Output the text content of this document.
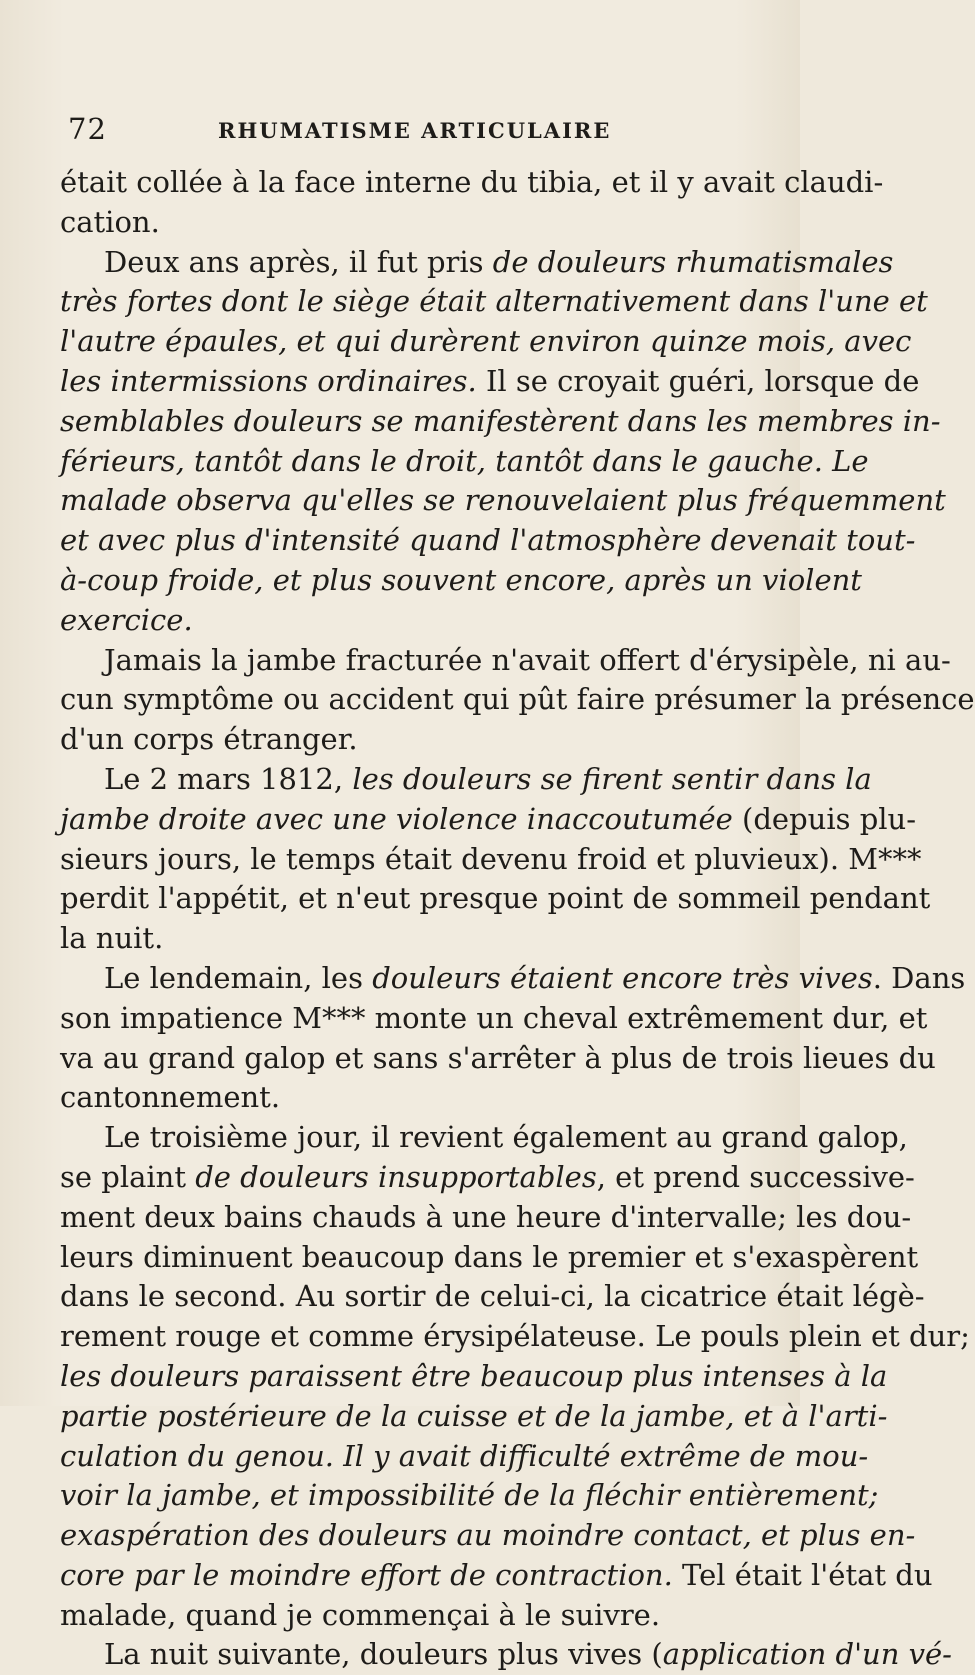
72	RHUMATISME ARTICULAIRE
était collée à la face interne du tibia, et il y avait claudi-
cation.
Deux ans après, il fut pris de douleurs rhumatismales
très fortes dont le siège était alternativement dans l'une et
l'autre épaules, et qui durèrent environ quinze mois, avec
les intermissions ordinaires. Il se croyait guéri, lorsque de
semblables douleurs se manifestèrent dans les membres in-
férieurs, tantôt dans le droit, tantôt dans le gauche. Le
malade observa qu'elles se renouvelaient plus fréquemment
et avec plus d'intensité quand l'atmosphère devenait tout-
à-coup froide, et plus souvent encore, après un violent
exercice.
Jamais la jambe fracturée n'avait offert d'érysipèle, ni au-
cun symptôme ou accident qui pût faire présumer la présence
d'un corps étranger.
Le 2 mars 1812, les douleurs se firent sentir dans la
jambe droite avec une violence inaccoutumée (depuis plu-
sieurs jours, le temps était devenu froid et pluvieux). M***
perdit l'appétit, et n'eut presque point de sommeil pendant
la nuit.
Le lendemain, les douleurs étaient encore très vives. Dans
son impatience M*** monte un cheval extrêmement dur, et
va au grand galop et sans s'arrêter à plus de trois lieues du
cantonnement.
Le troisième jour, il revient également au grand galop,
se plaint de douleurs insupportables, et prend successive-
ment deux bains chauds à une heure d'intervalle; les dou-
leurs diminuent beaucoup dans le premier et s'exaspèrent
dans le second. Au sortir de celui-ci, la cicatrice était légè-
rement rouge et comme érysipélateuse. Le pouls plein et dur;
les douleurs paraissent être beaucoup plus intenses à la
partie postérieure de la cuisse et de la jambe, et à l'arti-
culation du genou. Il y avait difficulté extrême de mou-
voir la jambe, et impossibilité de la fléchir entièrement;
exaspération des douleurs au moindre contact, et plus en-
core par le moindre effort de contraction. Tel était l'état du
malade, quand je commençai à le suivre.
La nuit suivante, douleurs plus vives (application d'un vé-
